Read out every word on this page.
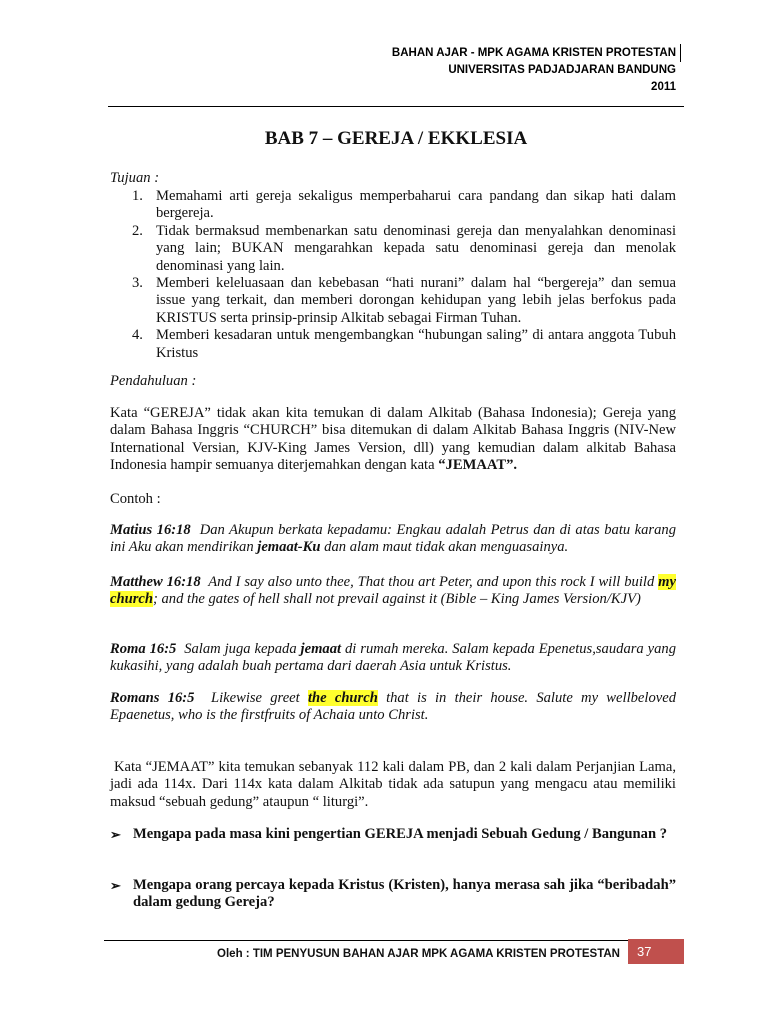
BAHAN AJAR - MPK AGAMA KRISTEN PROTESTAN
UNIVERSITAS PADJADJARAN BANDUNG
2011
BAB 7 – GEREJA / EKKLESIA
Tujuan :
1. Memahami arti gereja sekaligus memperbaharui cara pandang dan sikap hati dalam bergereja.
2. Tidak bermaksud membenarkan satu denominasi gereja dan menyalahkan denominasi yang lain; BUKAN mengarahkan kepada satu denominasi gereja dan menolak denominasi yang lain.
3. Memberi keleluasaan dan kebebasan “hati nurani” dalam hal “bergereja” dan semua issue yang terkait, dan memberi dorongan kehidupan yang lebih jelas berfokus pada KRISTUS serta prinsip-prinsip Alkitab sebagai Firman Tuhan.
4. Memberi kesadaran untuk mengembangkan “hubungan saling” di antara anggota Tubuh Kristus
Pendahuluan :
Kata “GEREJA” tidak akan kita temukan di dalam Alkitab (Bahasa Indonesia); Gereja yang dalam Bahasa Inggris “CHURCH” bisa ditemukan di dalam Alkitab Bahasa Inggris (NIV-New International Versian, KJV-King James Version, dll) yang kemudian dalam alkitab Bahasa Indonesia hampir semuanya diterjemahkan dengan kata “JEMAAT”.
Contoh :
Matius 16:18 Dan Akupun berkata kepadamu: Engkau adalah Petrus dan di atas batu karang ini Aku akan mendirikan jemaat-Ku dan alam maut tidak akan menguasainya.
Matthew 16:18 And I say also unto thee, That thou art Peter, and upon this rock I will build my church; and the gates of hell shall not prevail against it (Bible – King James Version/KJV)
Roma 16:5 Salam juga kepada jemaat di rumah mereka. Salam kepada Epenetus,saudara yang kukasihi, yang adalah buah pertama dari daerah Asia untuk Kristus.
Romans 16:5 Likewise greet the church that is in their house. Salute my wellbeloved Epaenetus, who is the firstfruits of Achaia unto Christ.
Kata “JEMAAT” kita temukan sebanyak 112 kali dalam PB, dan 2 kali dalam Perjanjian Lama, jadi ada 114x. Dari 114x kata dalam Alkitab tidak ada satupun yang mengacu atau memiliki maksud “sebuah gedung” ataupun “ liturgi”.
➢ Mengapa pada masa kini pengertian GEREJA menjadi Sebuah Gedung / Bangunan ?
➢ Mengapa orang percaya kepada Kristus (Kristen), hanya merasa sah jika “beribadah” dalam gedung Gereja?
Oleh : TIM PENYUSUN BAHAN AJAR MPK AGAMA KRISTEN PROTESTAN	37
